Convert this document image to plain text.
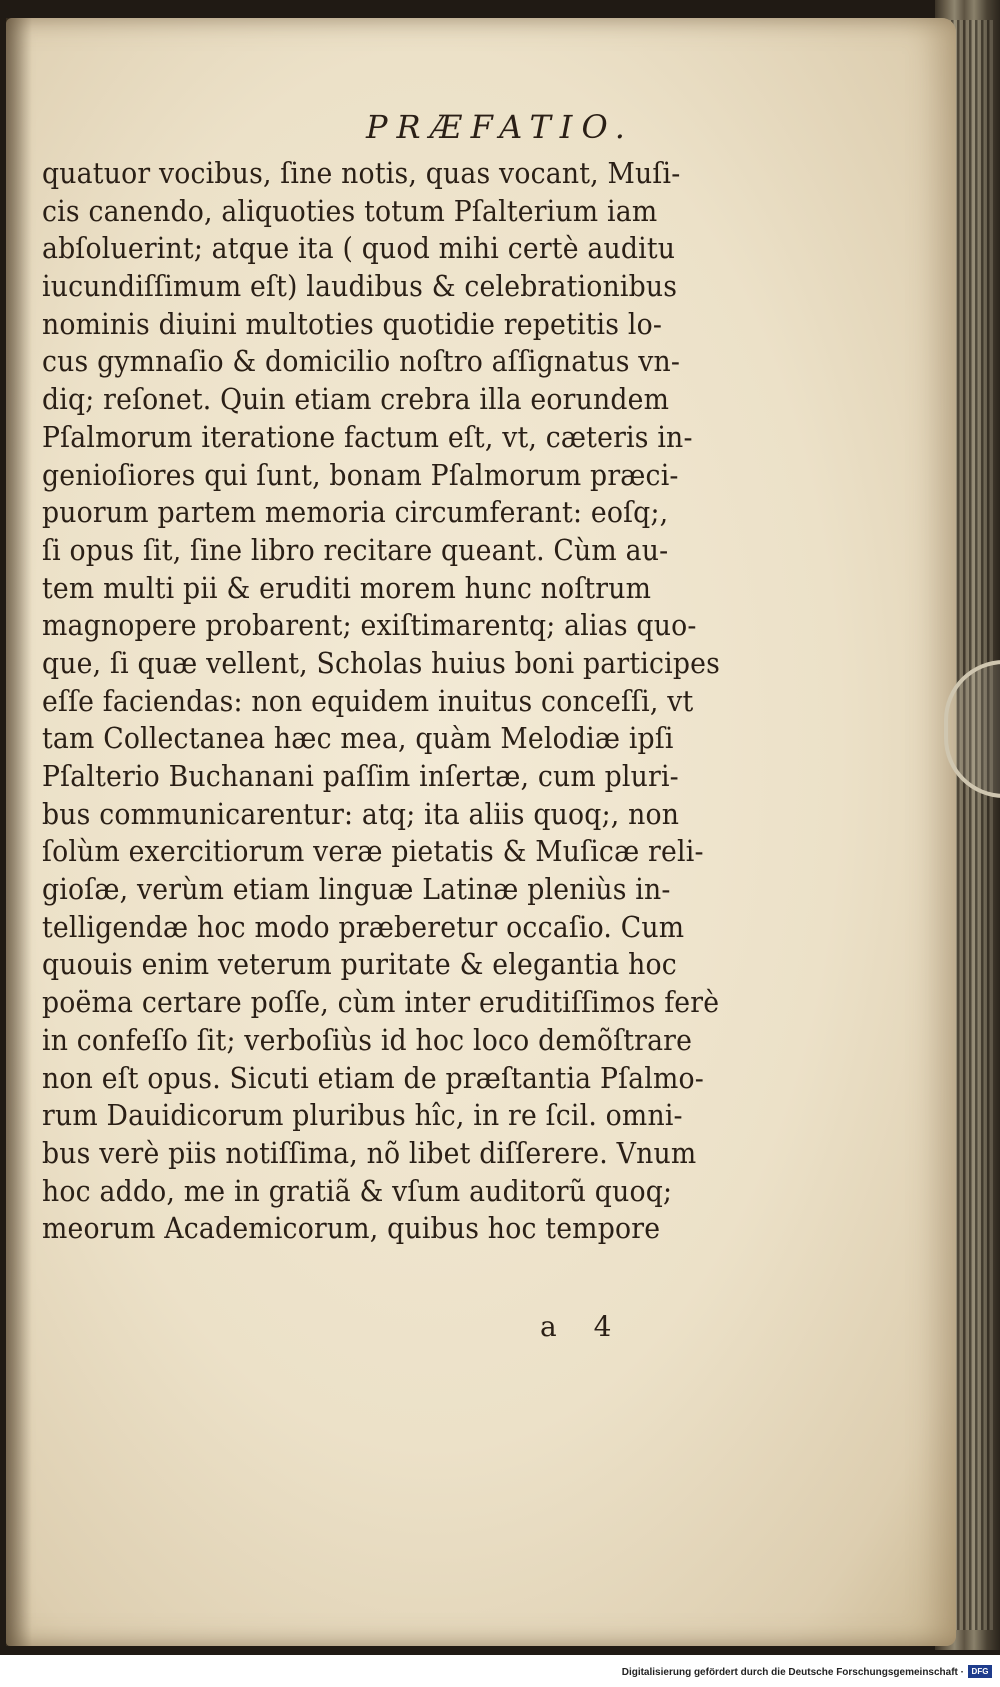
PRÆFATIO.
quatuor vocibus, ſine notis, quas vocant, Muſi-
cis canendo, aliquoties totum Pſalterium iam
abſoluerint; atque ita ( quod mihi certè auditu
iucundiſſimum eſt) laudibus & celebrationibus
nominis diuini multoties quotidie repetitis lo-
cus gymnaſio & domicilio noſtro aſſignatus vn-
diq; reſonet. Quin etiam crebra illa eorundem
Pſalmorum iteratione factum eſt, vt, cæteris in-
genioſiores qui ſunt, bonam Pſalmorum præci-
puorum partem memoria circumferant: eoſq;,
ſi opus ſit, ſine libro recitare queant. Cùm au-
tem multi pii & eruditi morem hunc noſtrum
magnopere probarent; exiſtimarentq; alias quo-
que, ſi quæ vellent, Scholas huius boni participes
eſſe faciendas: non equidem inuitus conceſſi, vt
tam Collectanea hæc mea, quàm Melodiæ ipſi
Pſalterio Buchanani paſſim inſertæ, cum pluri-
bus communicarentur: atq; ita aliis quoq;, non
ſolùm exercitiorum veræ pietatis & Muſicæ reli-
gioſæ, verùm etiam linguæ Latinæ pleniùs in-
telligendæ hoc modo præberetur occaſio. Cum
quouis enim veterum puritate & elegantia hoc
poëma certare poſſe, cùm inter eruditiſſimos ferè
in confeſſo ſit; verboſiùs id hoc loco demõſtrare
non eſt opus. Sicuti etiam de præſtantia Pſalmo-
rum Dauidicorum pluribus hîc, in re ſcil. omni-
bus verè piis notiſſima, nõ libet diſſerere. Vnum
hoc addo, me in gratiã & vſum auditorũ quoq;
meorum Academicorum, quibus hoc tempore
a 4
Digitalisierung gefördert durch die Deutsche Forschungsgemeinschaft · DFG
